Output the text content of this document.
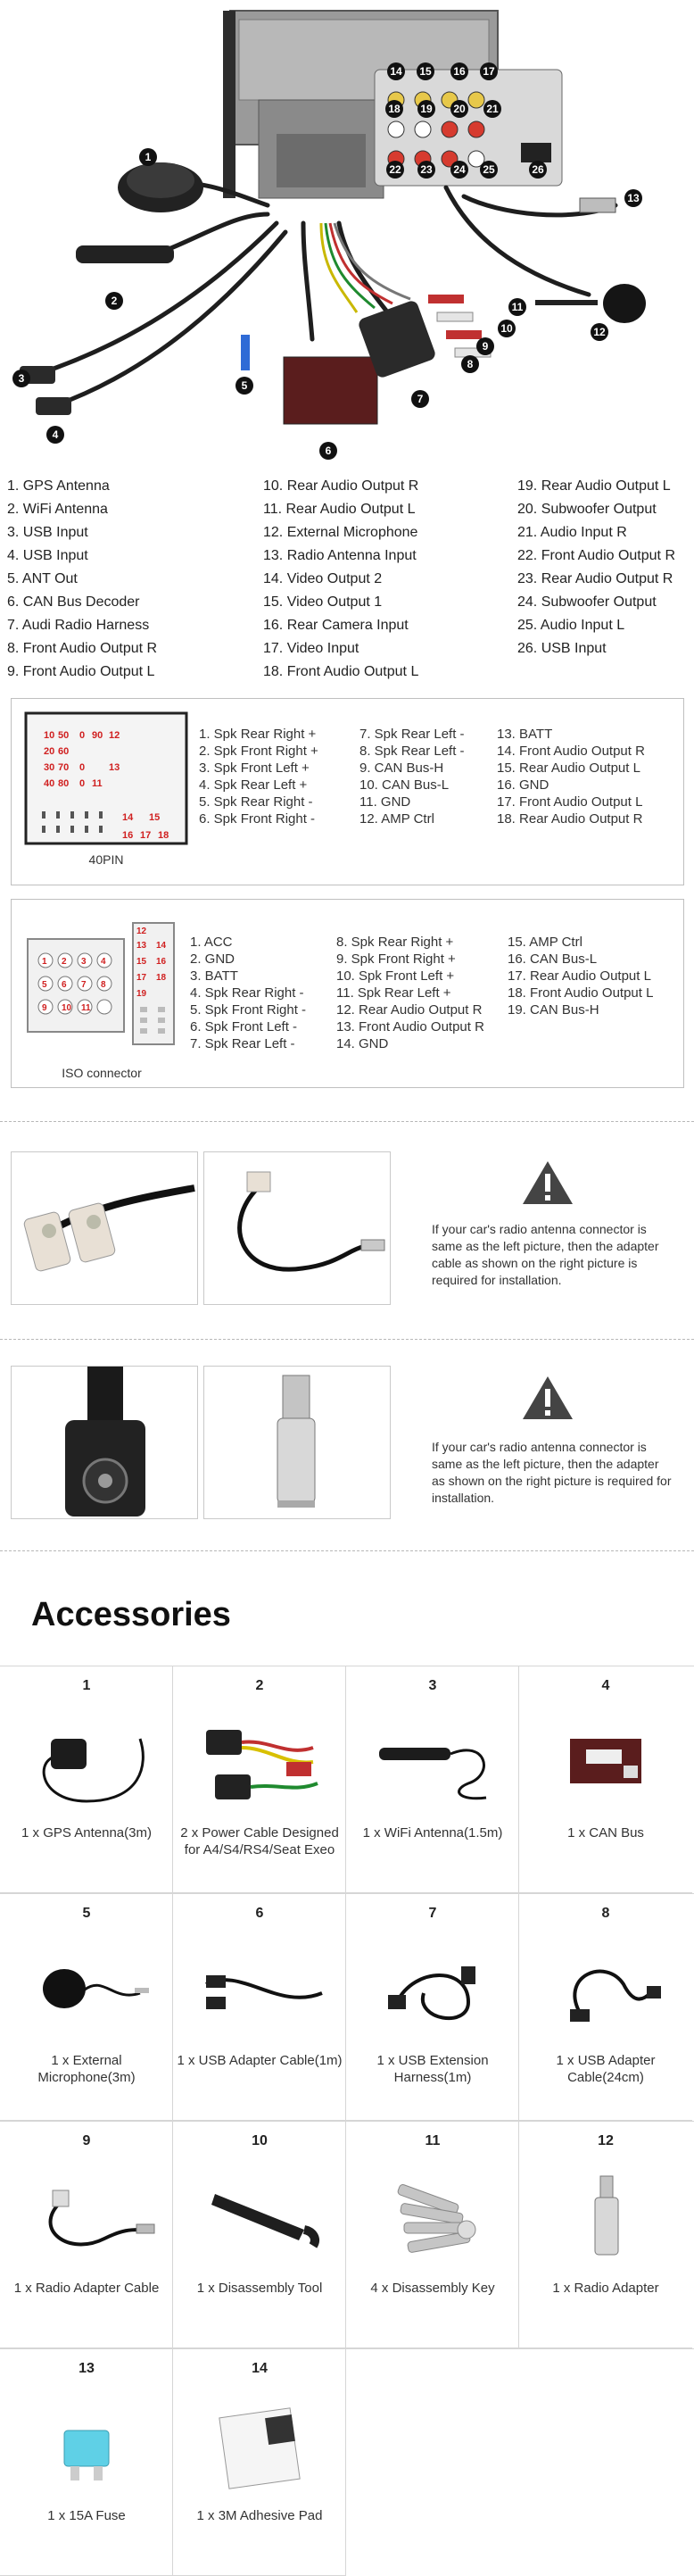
1
2
3
4
5
6
7
8
9
10
11
12
13
14 15 16 17
18 19 20 21
22 23 24 25	26
1. GPS Antenna
2. WiFi Antenna
3. USB Input
4. USB Input
5. ANT Out
6. CAN Bus Decoder
7. Audi Radio Harness
8. Front Audio Output R
9. Front Audio Output L
10. Rear Audio Output R
11. Rear Audio Output L
12. External Microphone
13. Radio Antenna Input
14. Video Output 2
15. Video Output 1
16. Rear Camera Input
17. Video Input
18. Front Audio Output L
19. Rear Audio Output L
20. Subwoofer Output
21. Audio Input R
22. Front Audio Output R
23. Rear Audio Output R
24. Subwoofer Output
25. Audio Input L
26. USB Input
10 50 0 90 12
20 60
30 70 0 13
40 80 0 11
14 15
16 17 18
40PIN
1. Spk Rear Right +
2. Spk Front Right +
3. Spk Front Left +
4. Spk Rear Left +
5. Spk Rear Right -
6. Spk Front Right -
7. Spk Rear Left -
8. Spk Rear Left -
9. CAN Bus-H
10. CAN Bus-L
11. GND
12. AMP Ctrl
13. BATT
14. Front Audio Output R
15. Rear Audio Output L
16. GND
17. Front Audio Output L
18. Rear Audio Output R
1 2 3 4
5 6 7 8
9 10 11
12
13 14
15 16
17 18
19
ISO connector
1. ACC
2. GND
3. BATT
4. Spk Rear Right -
5. Spk Front Right -
6. Spk Front Left -
7. Spk Rear Left -
8. Spk Rear Right +
9. Spk Front Right +
10. Spk Front Left +
11. Spk Rear Left +
12. Rear Audio Output R
13. Front Audio Output R
14. GND
15. AMP Ctrl
16. CAN Bus-L
17. Rear Audio Output L
18. Front Audio Output L
19. CAN Bus-H
If your car's radio antenna connector is same as the left picture, then the adapter cable as shown on the right picture is required for installation.
If your car's radio antenna connector is same as the left picture, then the adapter as shown on the right picture is required for installation.
Accessories
1
1 x GPS Antenna(3m)
2
2 x Power Cable Designed for A4/S4/RS4/Seat Exeo
3
1 x WiFi Antenna(1.5m)
4
1 x CAN Bus
5
1 x External Microphone(3m)
6
1 x USB Adapter Cable(1m)
7
1 x USB Extension Harness(1m)
8
1 x USB Adapter Cable(24cm)
9
1 x Radio Adapter Cable
10
1 x Disassembly Tool
11
4 x Disassembly Key
12
1 x Radio Adapter
13
1 x 15A Fuse
14
1 x 3M Adhesive Pad
